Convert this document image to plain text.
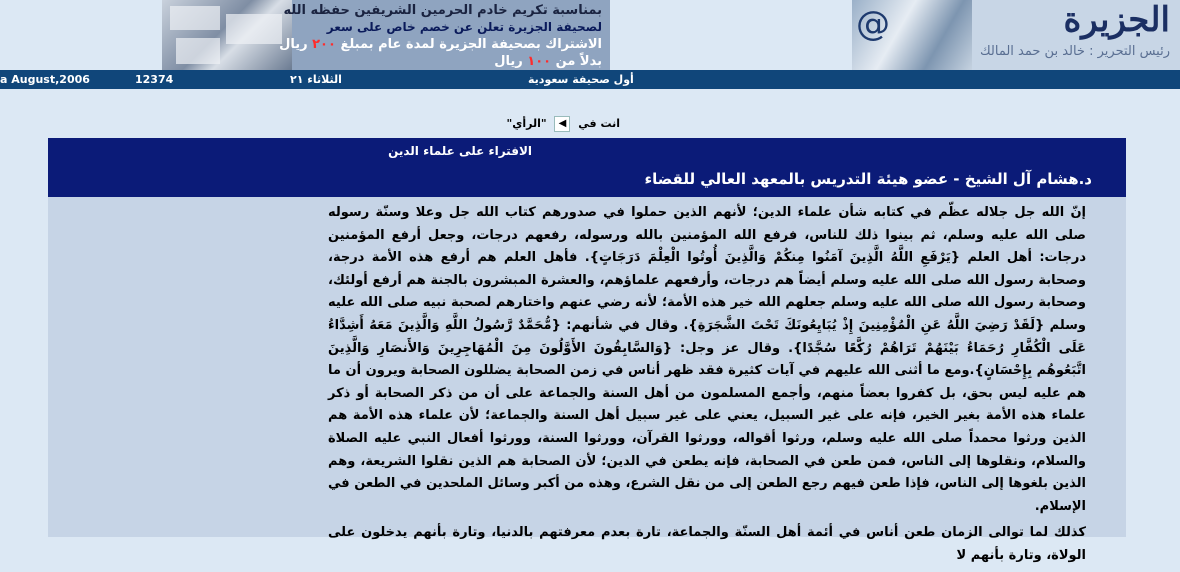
بمناسبة تكريم خادم الحرمين الشريفين حفظه الله
لصحيفة الجزيرة تعلن عن خصم خاص على سعر
الاشتراك بصحيفة الجزيرة لمدة عام بمبلغ ٢٠٠ ريال بدلاً من ١٠٠ ريال
@	الجزيرة
رئيس التحرير : خالد بن حمد المالك
a August,2006	12374	الثلاثاء ٢١	أول صحيفة سعودية
انت في ◀ "الرأي"
الافتراء على علماء الدين
د.هشام آل الشيخ - عضو هيئة التدريس بالمعهد العالي للقضاء

إنّ الله جل جلاله عظّم في كتابه شأن علماء الدين؛ لأنهم الذين حملوا في صدورهم كتاب الله جل وعلا وسنّة رسوله صلى الله عليه وسلم، ثم بينوا ذلك للناس، فرفع الله المؤمنين بالله ورسوله، رفعهم درجات، وجعل أرفع المؤمنين درجات: أهل العلم {يَرْفَعِ اللَّهُ الَّذِينَ آمَنُوا مِنكُمْ وَالَّذِينَ أُوتُوا الْعِلْمَ دَرَجَاتٍ}. فأهل العلم هم أرفع هذه الأمة درجة، وصحابة رسول الله صلى الله عليه وسلم أيضاً هم درجات، وأرفعهم علماؤهم، والعشرة المبشرون بالجنة هم أرفع أولئك، وصحابة رسول الله صلى الله عليه وسلم جعلهم الله خير هذه الأمة؛ لأنه رضي عنهم واختارهم لصحبة نبيه صلى الله عليه وسلم {لَقَدْ رَضِيَ اللَّهُ عَنِ الْمُؤْمِنِينَ إِذْ يُبَايِعُونَكَ تَحْتَ الشَّجَرَةِ}. وقال في شأنهم: {مُّحَمَّدٌ رَّسُولُ اللَّهِ وَالَّذِينَ مَعَهُ أَشِدَّاءُ عَلَى الْكُفَّارِ رُحَمَاءُ بَيْنَهُمْ تَرَاهُمْ رُكَّعًا سُجَّدًا}. وقال عز وجل: {وَالسَّابِقُونَ الأَوَّلُونَ مِنَ الْمُهَاجِرِينَ وَالأَنصَارِ وَالَّذِينَ اتَّبَعُوهُم بِإِحْسَانٍ}.ومع ما أثنى الله عليهم في آيات كثيرة فقد ظهر أناس في زمن الصحابة يضللون الصحابة ويرون أن ما هم عليه ليس بحق، بل كفروا بعضاً منهم، وأجمع المسلمون من أهل السنة والجماعة على أن من ذكر الصحابة أو ذكر علماء هذه الأمة بغير الخير، فإنه على غير السبيل، يعني على غير سبيل أهل السنة والجماعة؛ لأن علماء هذه الأمة هم الذين ورثوا محمداً صلى الله عليه وسلم، ورثوا أقواله، وورثوا القرآن، وورثوا السنة، وورثوا أفعال النبي عليه الصلاة والسلام، ونقلوها إلى الناس، فمن طعن في الصحابة، فإنه يطعن في الدين؛ لأن الصحابة هم الذين نقلوا الشريعة، وهم الذين بلغوها إلى الناس، فإذا طعن فيهم رجع الطعن إلى من نقل الشرع، وهذه من أكبر وسائل الملحدين في الطعن في الإسلام.

كذلك لما توالى الزمان طعن أناس في أئمة أهل السنّة والجماعة، تارة بعدم معرفتهم بالدنيا، وتارة بأنهم يدخلون على الولاة، وتارة بأنهم لا
